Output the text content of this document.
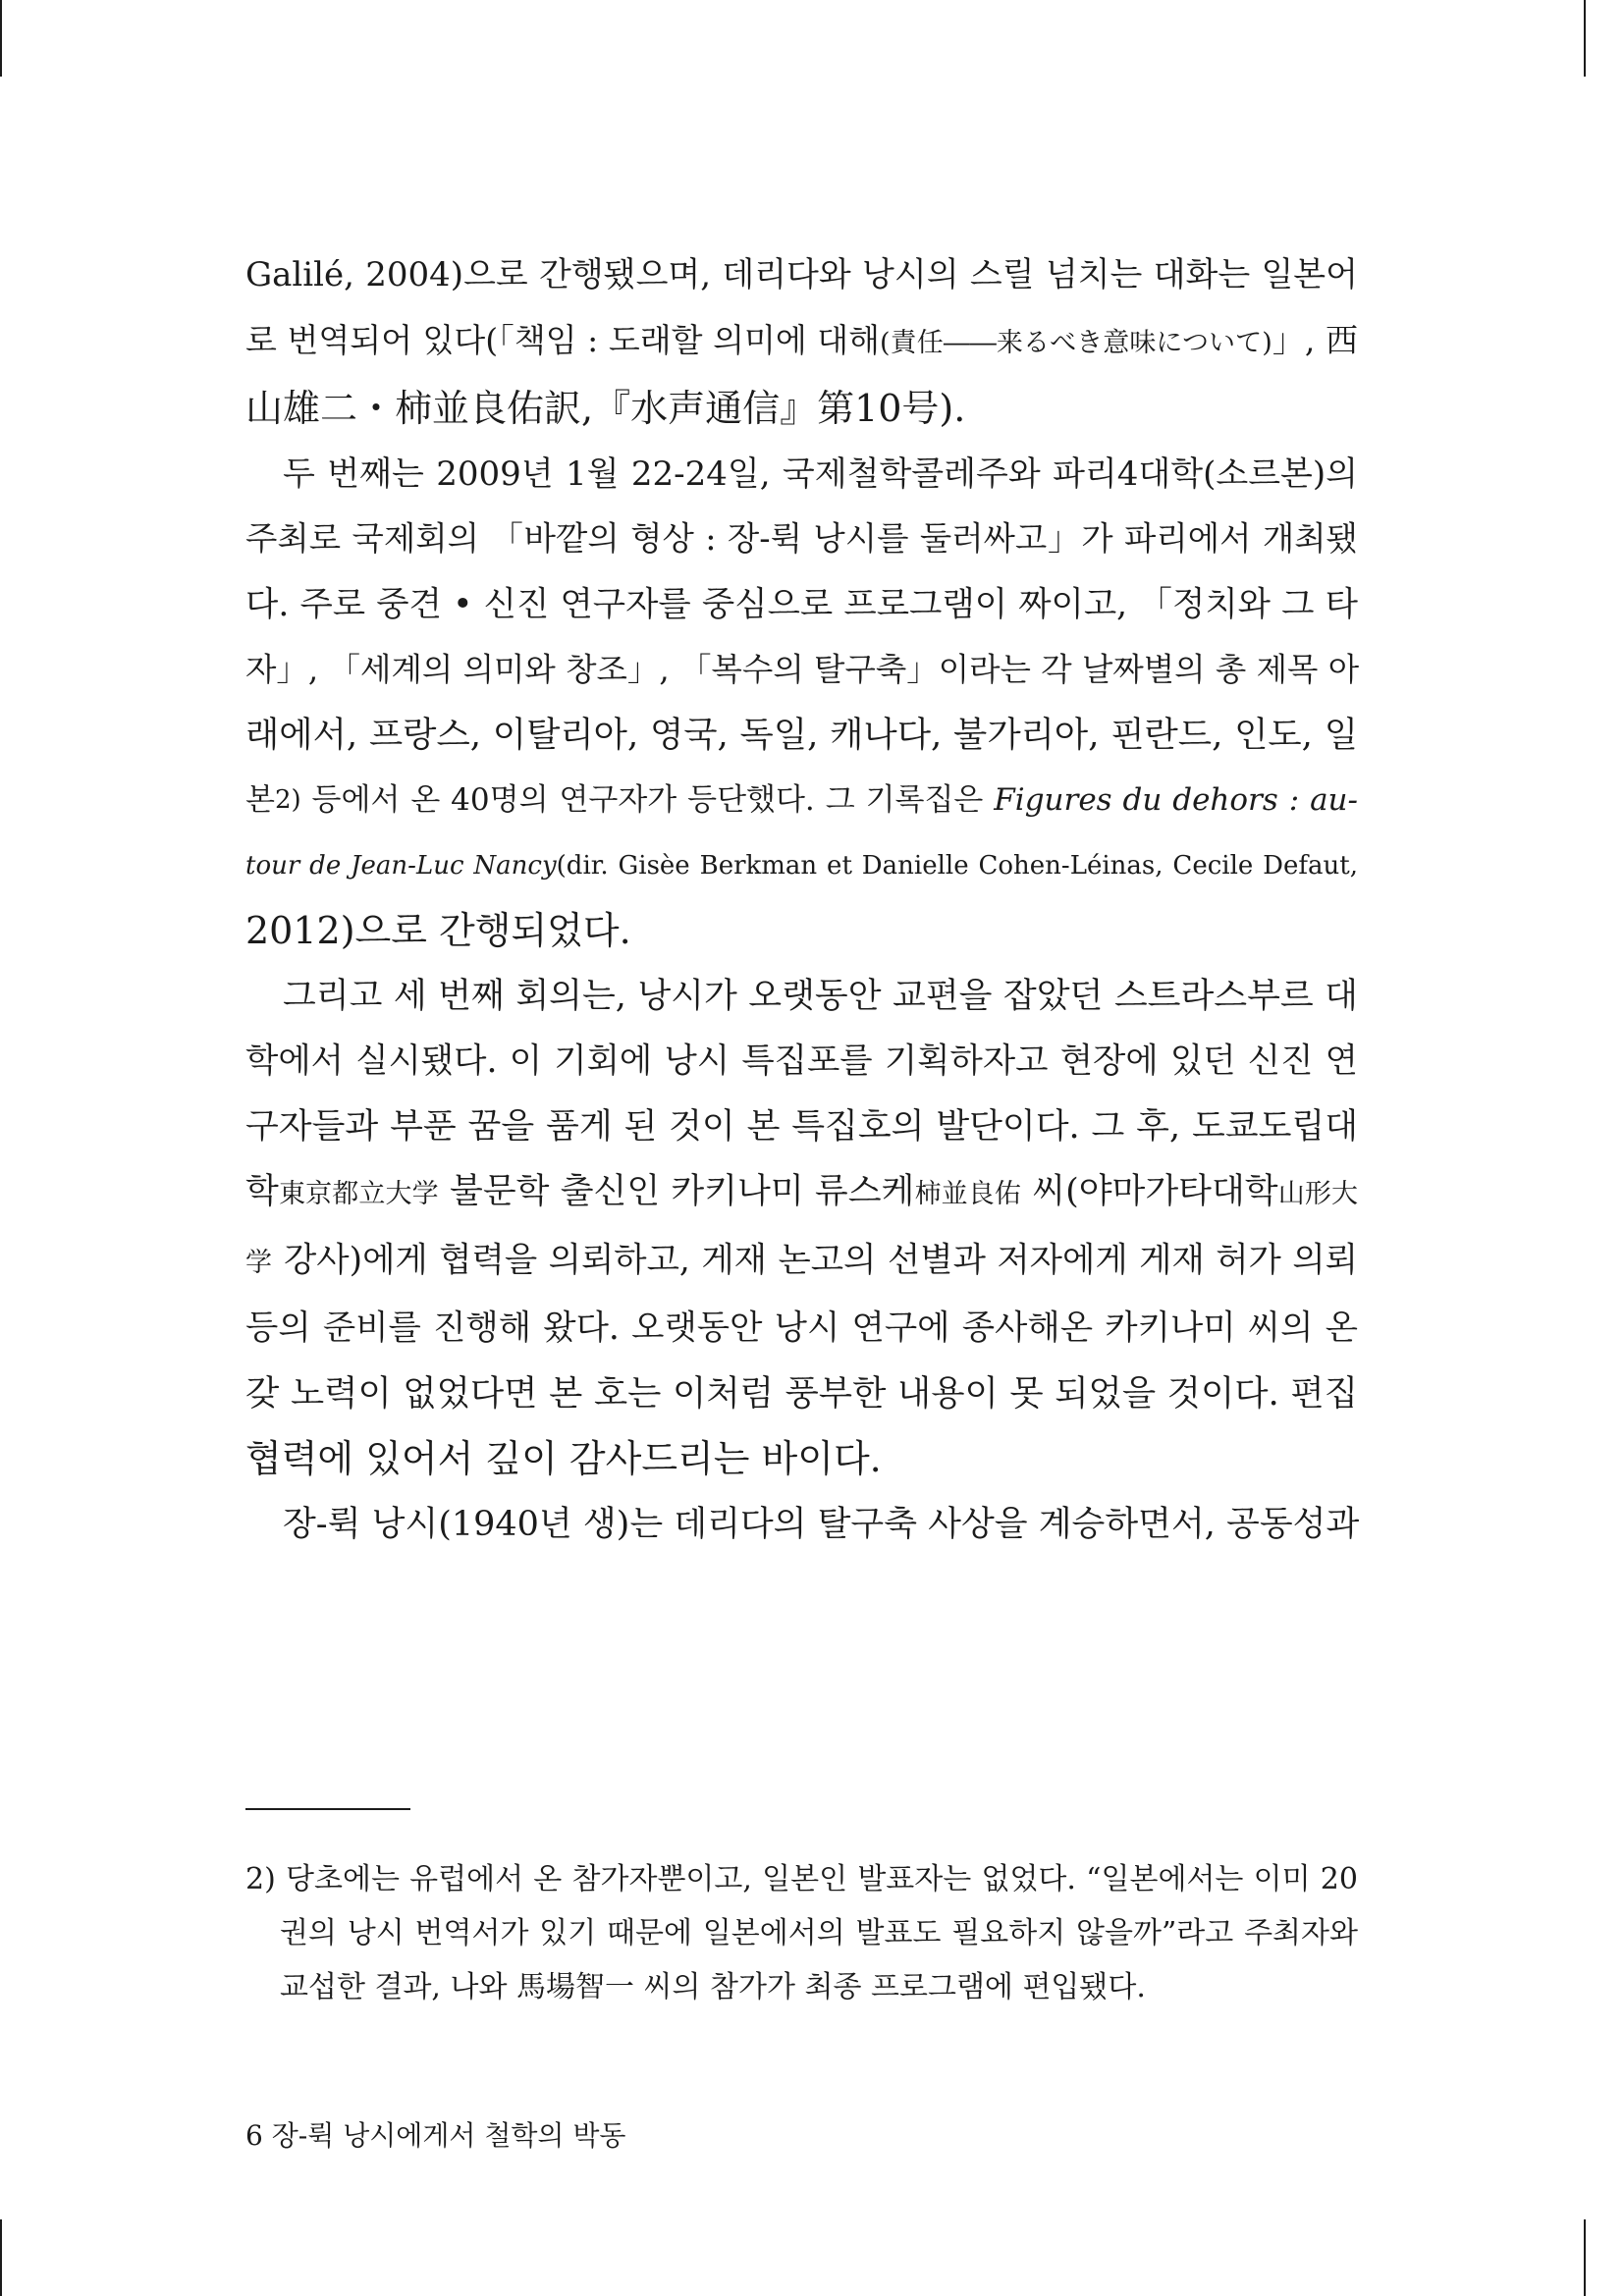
Galilé, 2004)으로 간행됐으며, 데리다와 낭시의 스릴 넘치는 대화는 일본어
로 번역되어 있다(「책임 : 도래할 의미에 대해(責任――来るべき意味について)」, 西
山雄二・柿並良佑訳,『水声通信』第10号).
두 번째는 2009년 1월 22-24일, 국제철학콜레주와 파리4대학(소르본)의
주최로 국제회의 「바깥의 형상 : 장-뤽 낭시를 둘러싸고」가 파리에서 개최됐
다. 주로 중견 • 신진 연구자를 중심으로 프로그램이 짜이고, 「정치와 그 타
자」, 「세계의 의미와 창조」, 「복수의 탈구축」이라는 각 날짜별의 총 제목 아
래에서, 프랑스, 이탈리아, 영국, 독일, 캐나다, 불가리아, 핀란드, 인도, 일
본2) 등에서 온 40명의 연구자가 등단했다. 그 기록집은 Figures du dehors : au-
tour de Jean-Luc Nancy(dir. Gisèe Berkman et Danielle Cohen-Léinas, Cecile Defaut,
2012)으로 간행되었다.
그리고 세 번째 회의는, 낭시가 오랫동안 교편을 잡았던 스트라스부르 대
학에서 실시됐다. 이 기회에 낭시 특집포를 기획하자고 현장에 있던 신진 연
구자들과 부푼 꿈을 품게 된 것이 본 특집호의 발단이다. 그 후, 도쿄도립대
학東京都立大学 불문학 출신인 카키나미 류스케柿並良佑 씨(야마가타대학山形大
学 강사)에게 협력을 의뢰하고, 게재 논고의 선별과 저자에게 게재 허가 의뢰
등의 준비를 진행해 왔다. 오랫동안 낭시 연구에 종사해온 카키나미 씨의 온
갖 노력이 없었다면 본 호는 이처럼 풍부한 내용이 못 되었을 것이다. 편집
협력에 있어서 깊이 감사드리는 바이다.
장-뤽 낭시(1940년 생)는 데리다의 탈구축 사상을 계승하면서, 공동성과
2) 당초에는 유럽에서 온 참가자뿐이고, 일본인 발표자는 없었다. “일본에서는 이미 20
권의 낭시 번역서가 있기 때문에 일본에서의 발표도 필요하지 않을까”라고 주최자와
교섭한 결과, 나와 馬場智一 씨의 참가가 최종 프로그램에 편입됐다.
6 장-뤽 낭시에게서 철학의 박동
